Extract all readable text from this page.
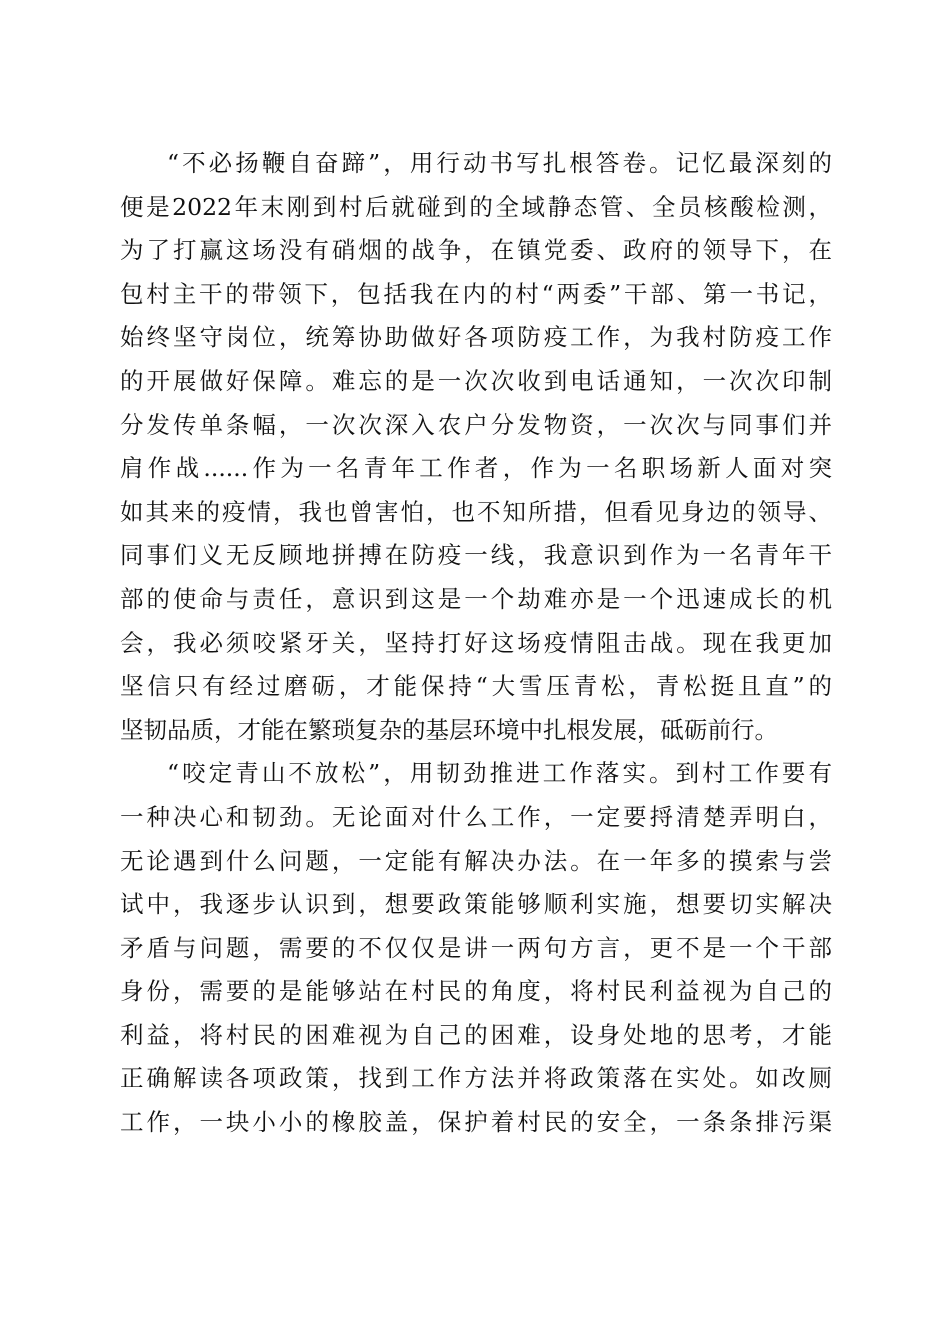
“不必扬鞭自奋蹄”，用行动书写扎根答卷。记忆最深刻的
便是2022年末刚到村后就碰到的全域静态管、全员核酸检测，
为了打赢这场没有硝烟的战争，在镇党委、政府的领导下，在
包村主干的带领下，包括我在内的村“两委”干部、第一书记，
始终坚守岗位，统筹协助做好各项防疫工作，为我村防疫工作
的开展做好保障。难忘的是一次次收到电话通知，一次次印制
分发传单条幅，一次次深入农户分发物资，一次次与同事们并
肩作战......作为一名青年工作者，作为一名职场新人面对突
如其来的疫情，我也曾害怕，也不知所措，但看见身边的领导、
同事们义无反顾地拼搏在防疫一线，我意识到作为一名青年干
部的使命与责任，意识到这是一个劫难亦是一个迅速成长的机
会，我必须咬紧牙关，坚持打好这场疫情阻击战。现在我更加
坚信只有经过磨砺，才能保持“大雪压青松，青松挺且直”的
坚韧品质，才能在繁琐复杂的基层环境中扎根发展，砥砺前行。
“咬定青山不放松”，用韧劲推进工作落实。到村工作要有
一种决心和韧劲。无论面对什么工作，一定要捋清楚弄明白，
无论遇到什么问题，一定能有解决办法。在一年多的摸索与尝
试中，我逐步认识到，想要政策能够顺利实施，想要切实解决
矛盾与问题，需要的不仅仅是讲一两句方言，更不是一个干部
身份，需要的是能够站在村民的角度，将村民利益视为自己的
利益，将村民的困难视为自己的困难，设身处地的思考，才能
正确解读各项政策，找到工作方法并将政策落在实处。如改厕
工作，一块小小的橡胶盖，保护着村民的安全，一条条排污渠
